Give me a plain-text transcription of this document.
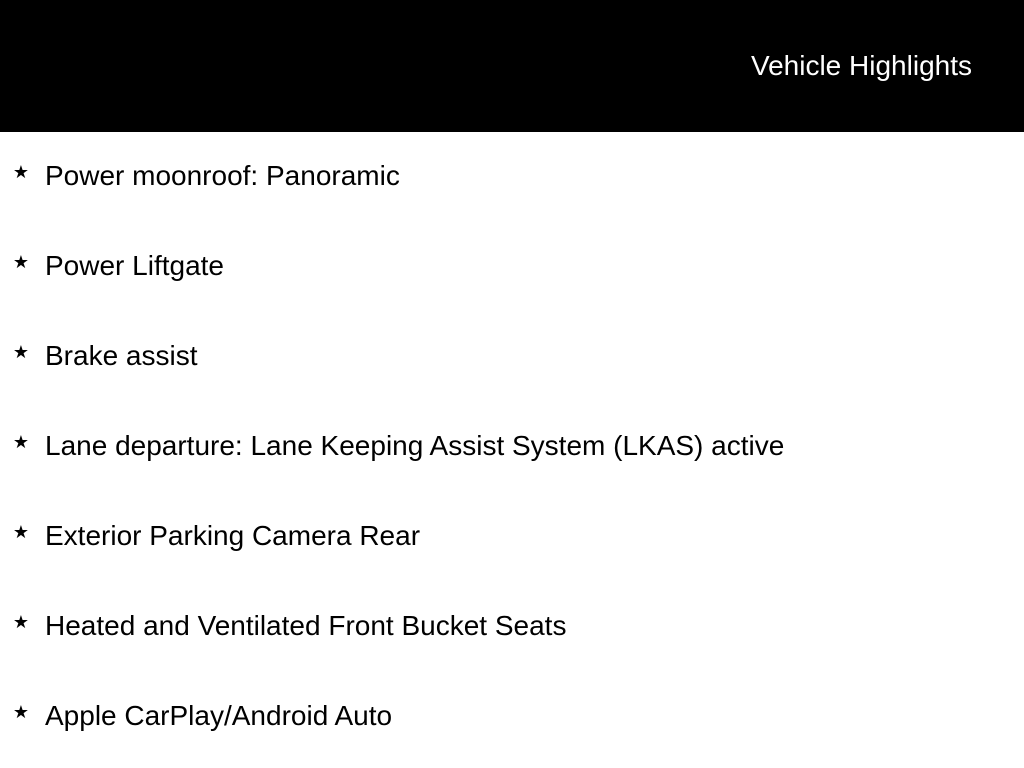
Vehicle Highlights
★ Power moonroof: Panoramic
★ Power Liftgate
★ Brake assist
★ Lane departure: Lane Keeping Assist System (LKAS) active
★ Exterior Parking Camera Rear
★ Heated and Ventilated Front Bucket Seats
★ Apple CarPlay/Android Auto
